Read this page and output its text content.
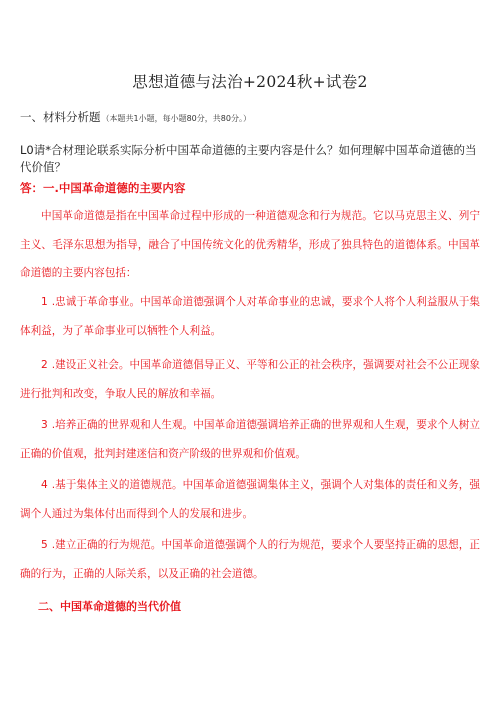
思想道德与法治+2024秋+试卷2
一、材料分析题（本题共1小题，每小题80分，共80分。）
L0请*合材理论联系实际分析中国革命道德的主要内容是什么？如何理解中国革命道德的当代价值？
答：一.中国革命道德的主要内容
中国革命道德是指在中国革命过程中形成的一种道德观念和行为规范。它以马克思主义、列宁主义、毛泽东思想为指导，融合了中国传统文化的优秀精华，形成了独具特色的道德体系。中国革命道德的主要内容包括：
1 .忠诚于革命事业。中国革命道德强调个人对革命事业的忠诚，要求个人将个人利益服从于集体利益，为了革命事业可以牺牲个人利益。
2 .建设正义社会。中国革命道德倡导正义、平等和公正的社会秩序，强调要对社会不公正现象进行批判和改变，争取人民的解放和幸福。
3 .培养正确的世界观和人生观。中国革命道德强调培养正确的世界观和人生观，要求个人树立正确的价值观，批判封建迷信和资产阶级的世界观和价值观。
4 .基于集体主义的道德规范。中国革命道德强调集体主义，强调个人对集体的责任和义务，强调个人通过为集体付出而得到个人的发展和进步。
5 .建立正确的行为规范。中国革命道德强调个人的行为规范，要求个人要坚持正确的思想，正确的行为，正确的人际关系，以及正确的社会道德。
二、中国革命道德的当代价值
